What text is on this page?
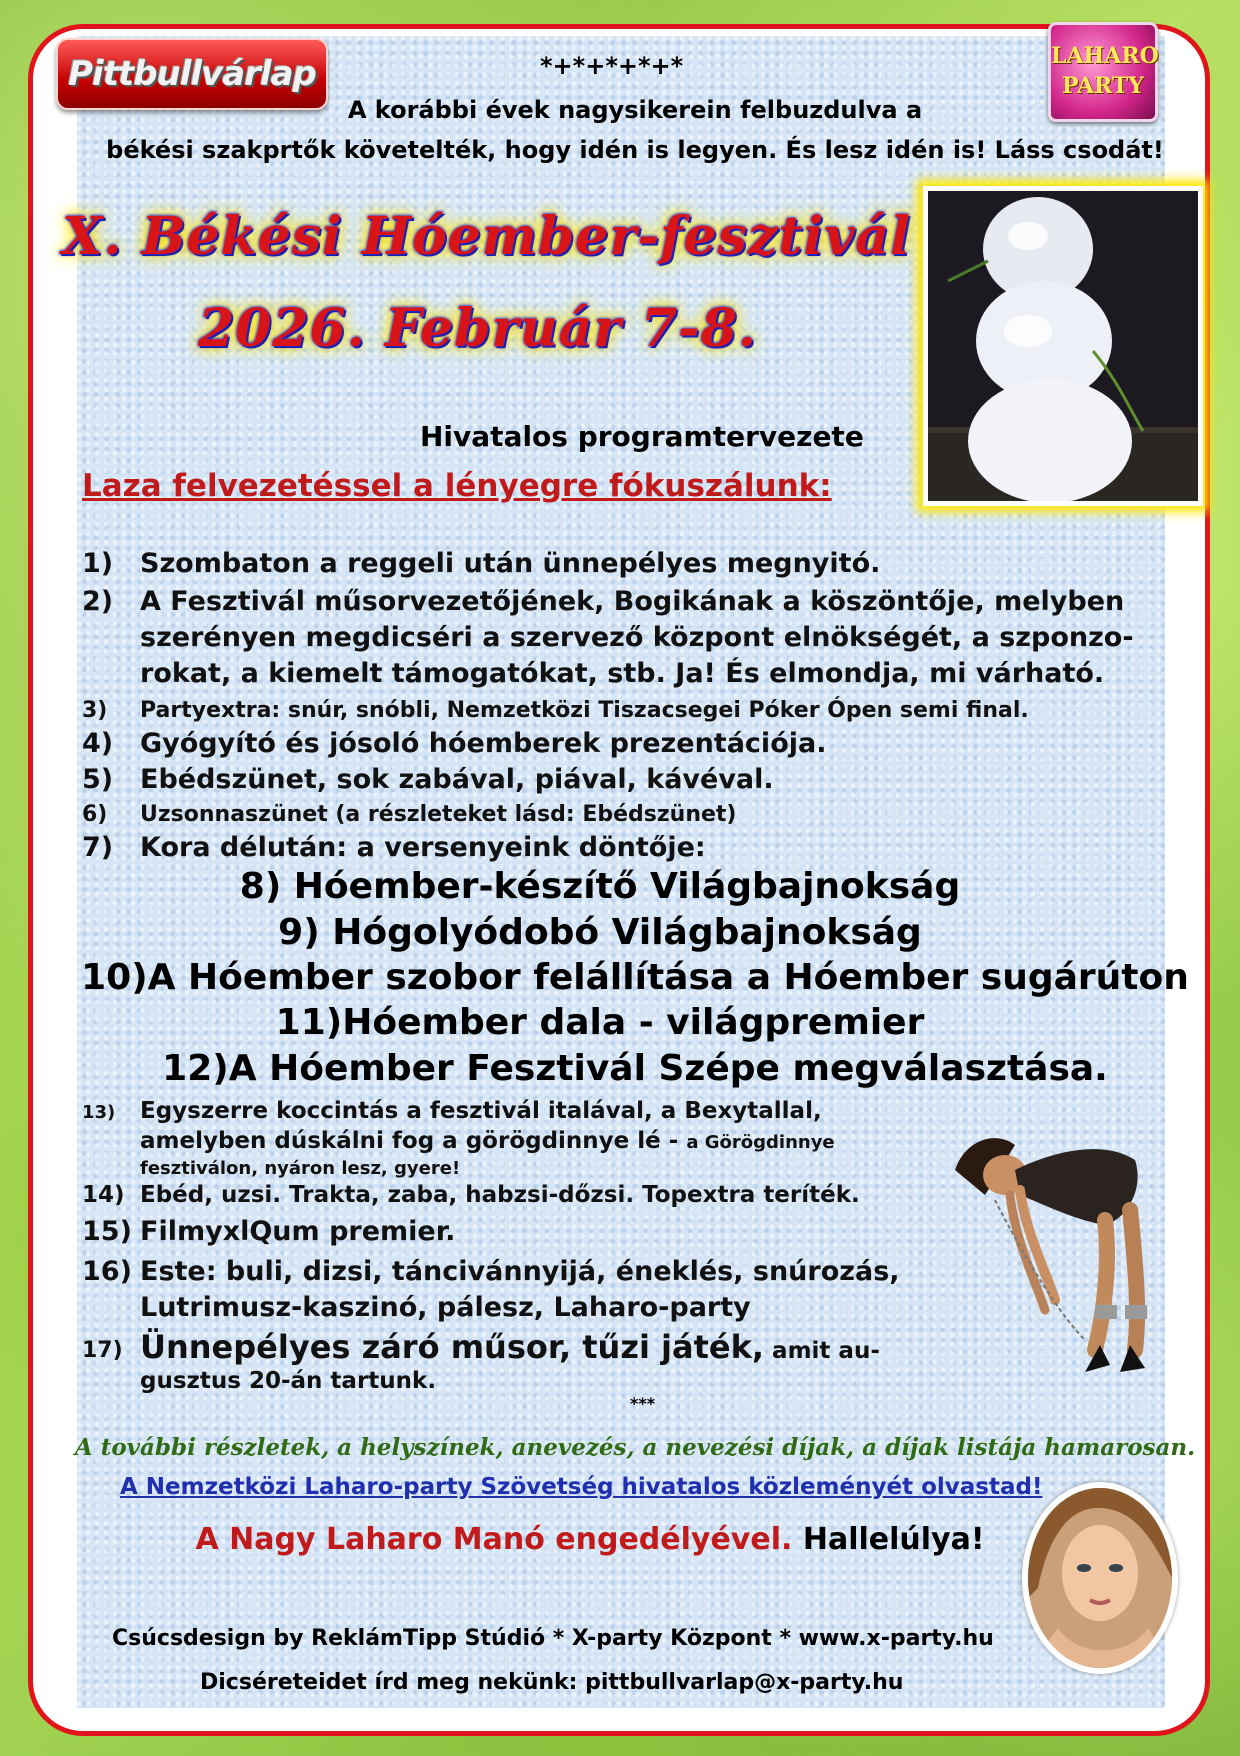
Pittbullvárlap	LAHARO
PARTY
*+*+*+*+*
A korábbi évek nagysikerein felbuzdulva a
békési szakprtők követelték, hogy idén is legyen. És lesz idén is! Láss csodát!
X. Békési Hóember-fesztivál
2026. Február 7-8.
Hivatalos programtervezete
Laza felvezetéssel a lényegre fókuszálunk:
1) Szombaton a reggeli után ünnepélyes megnyitó.
2) A Fesztivál műsorvezetőjének, Bogikának a köszöntője, melyben
szerényen megdicséri a szervező központ elnökségét, a szponzo-
rokat, a kiemelt támogatókat, stb. Ja! És elmondja, mi várható.
3) Partyextra: snúr, snóbli, Nemzetközi Tiszacsegei Póker Ópen semi final.
4) Gyógyító és jósoló hóemberek prezentációja.
5) Ebédszünet, sok zabával, piával, kávéval.
6) Uzsonnaszünet (a részleteket lásd: Ebédszünet)
7) Kora délután: a versenyeink döntője:
8) Hóember-készítő Világbajnokság
9) Hógolyódobó Világbajnokság
10)A Hóember szobor felállítása a Hóember sugárúton
11)Hóember dala - világpremier
12)A Hóember Fesztivál Szépe megválasztása.
13) Egyszerre koccintás a fesztivál italával, a Bexytallal,
amelyben dúskálni fog a görögdinnye lé - a Görögdinnye
fesztiválon, nyáron lesz, gyere!
14) Ebéd, uzsi. Trakta, zaba, habzsi-dőzsi. Topextra teríték.
15) FilmyxlQum premier.
16) Este: buli, dizsi, táncivánnyijá, éneklés, snúrozás,
Lutrimusz-kaszinó, pálesz, Laharo-party
17) Ünnepélyes záró műsor, tűzi játék, amit au-
gusztus 20-án tartunk.
***
A további részletek, a helyszínek, anevezés, a nevezési díjak, a díjak listája hamarosan.
A Nemzetközi Laharo-party Szövetség hivatalos közleményét olvastad!
A Nagy Laharo Manó engedélyével. Hallelúlya!
Csúcsdesign by ReklámTipp Stúdió * X-party Központ * www.x-party.hu
Dicséreteidet írd meg nekünk: pittbullvarlap@x-party.hu
